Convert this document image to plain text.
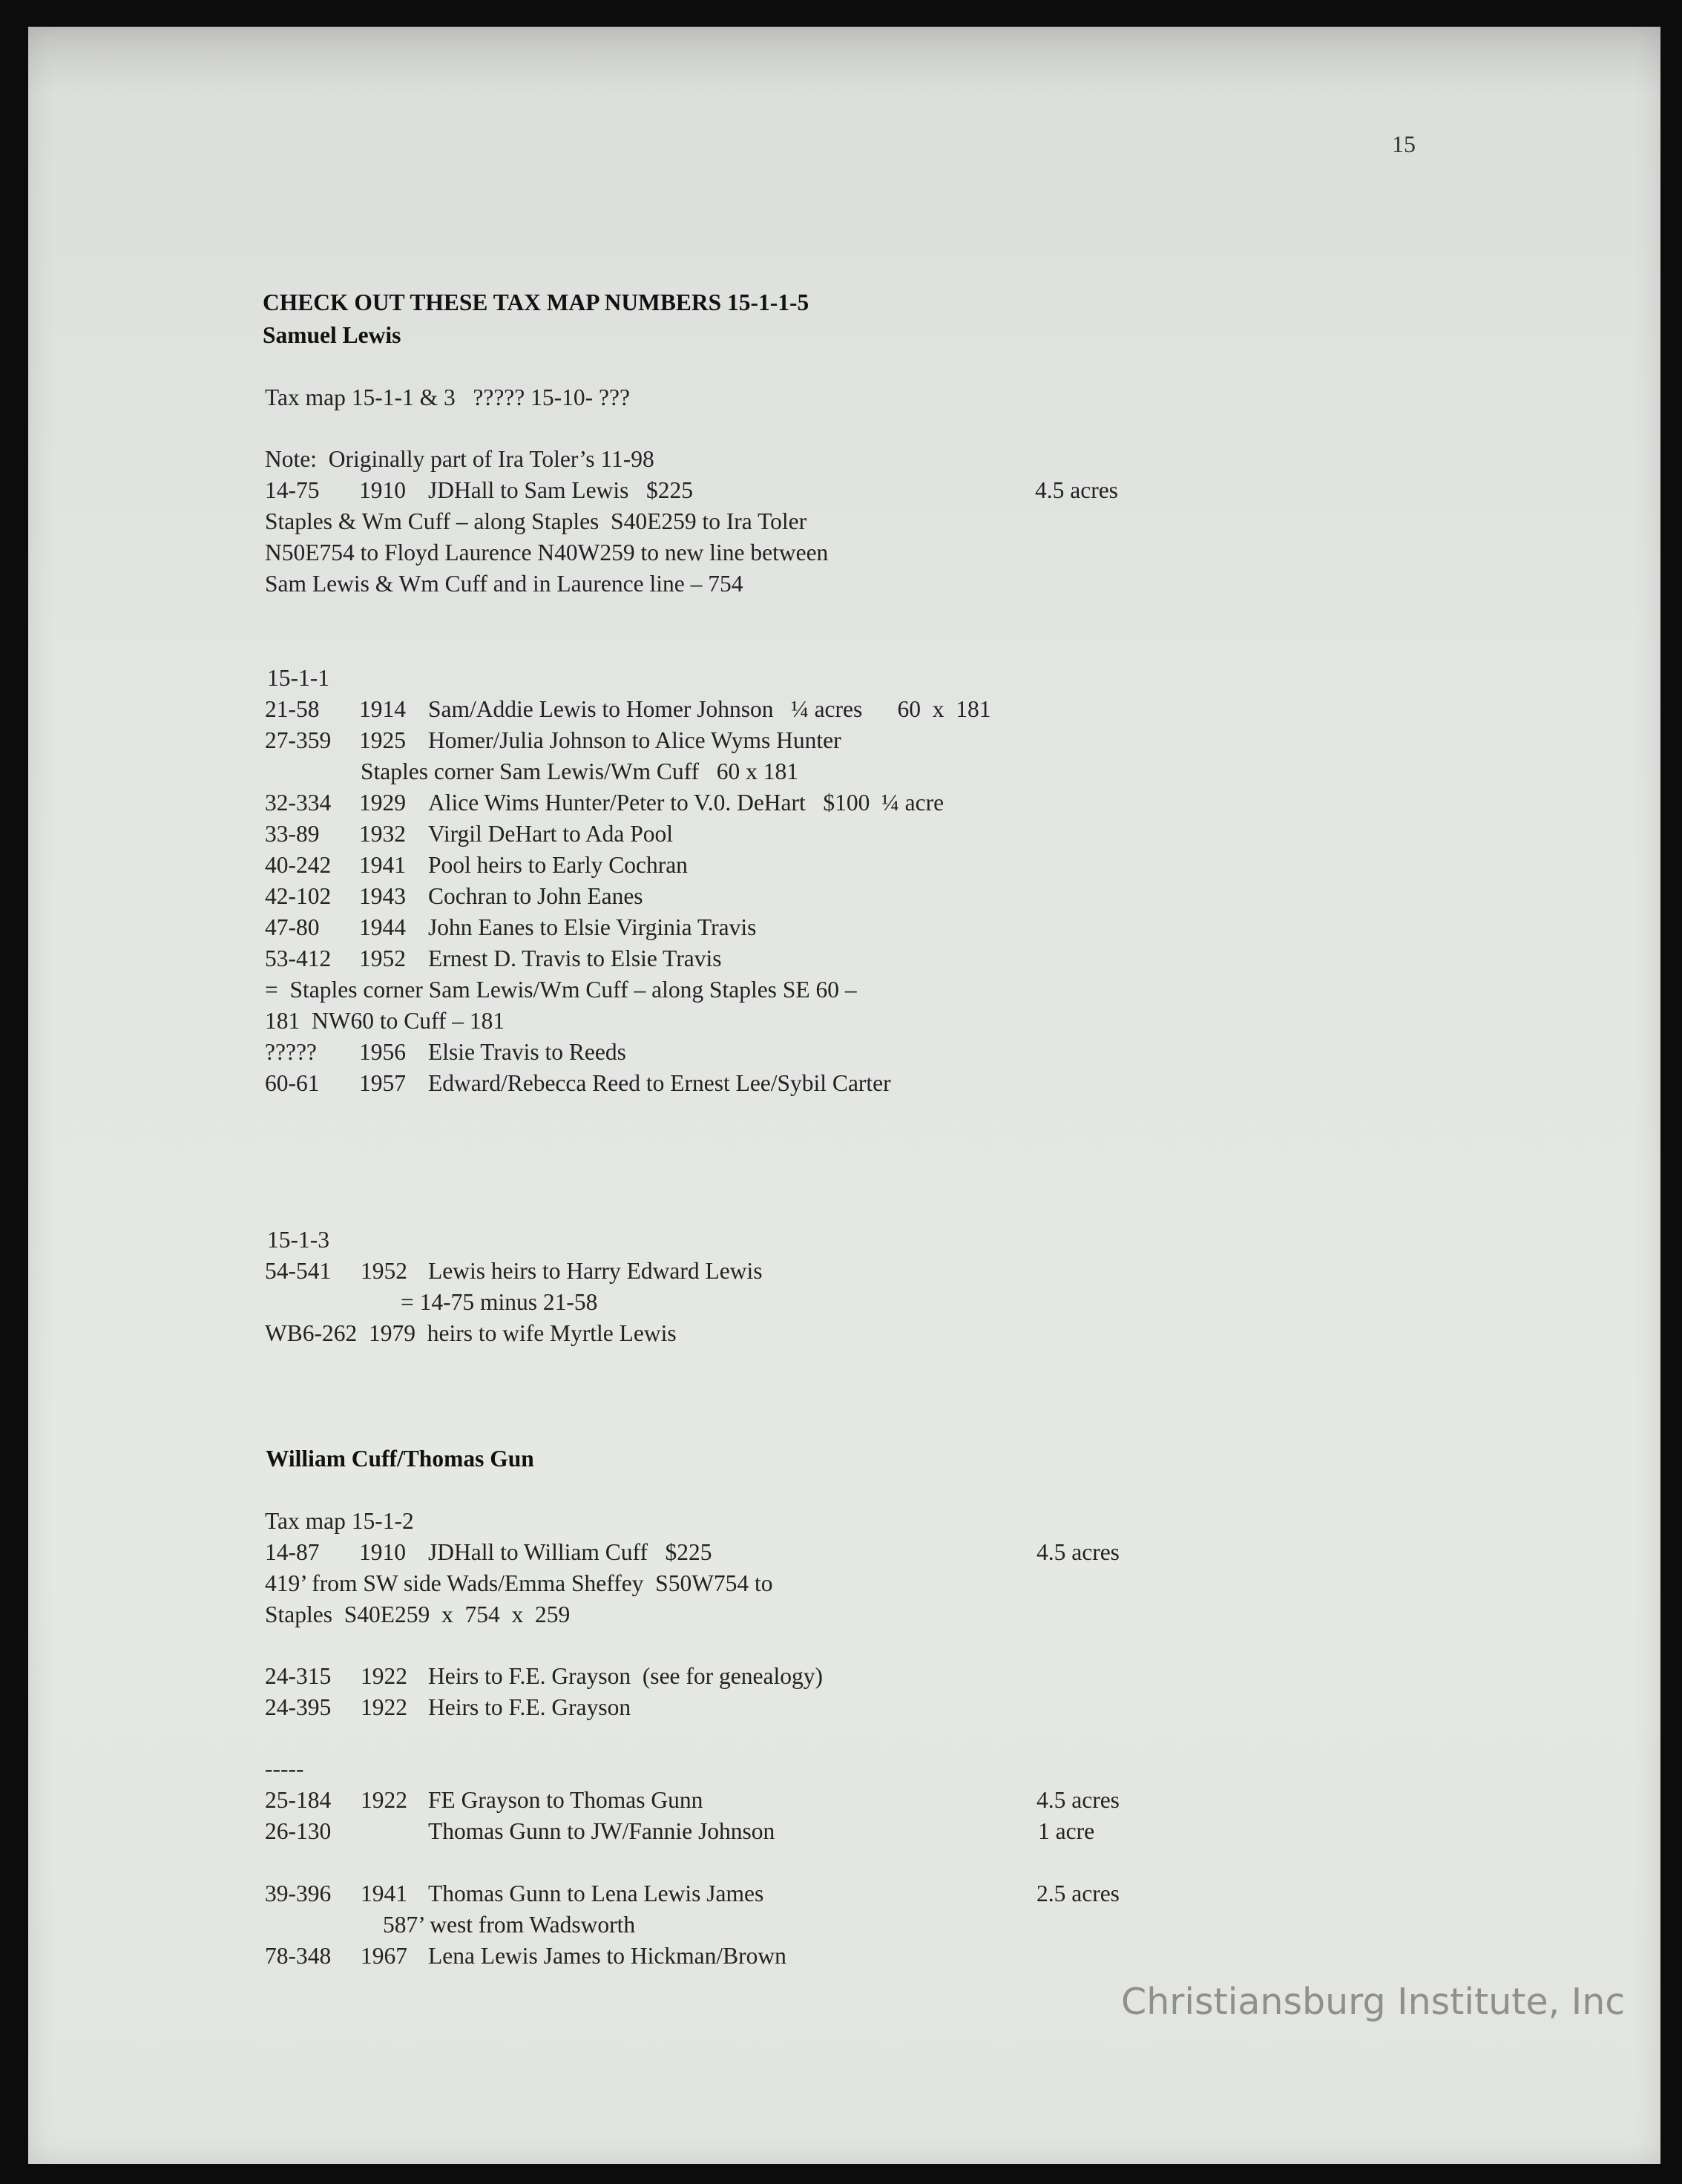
15
CHECK OUT THESE TAX MAP NUMBERS 15-1-1-5
Samuel Lewis
Tax map 15-1-1 & 3   ????? 15-10- ???
Note:  Originally part of Ira Toler’s 11-98
14-75 1910 JDHall to Sam Lewis   $225	4.5 acres
Staples & Wm Cuff – along Staples  S40E259 to Ira Toler
N50E754 to Floyd Laurence N40W259 to new line between
Sam Lewis & Wm Cuff and in Laurence line – 754
15-1-1
21-58 1914 Sam/Addie Lewis to Homer Johnson   ¼ acres      60  x  181
27-359 1925 Homer/Julia Johnson to Alice Wyms Hunter
Staples corner Sam Lewis/Wm Cuff   60 x 181
32-334 1929 Alice Wims Hunter/Peter to V.0. DeHart   $100  ¼ acre
33-89 1932 Virgil DeHart to Ada Pool
40-242 1941 Pool heirs to Early Cochran
42-102 1943 Cochran to John Eanes
47-80 1944 John Eanes to Elsie Virginia Travis
53-412 1952 Ernest D. Travis to Elsie Travis
=  Staples corner Sam Lewis/Wm Cuff – along Staples SE 60 –
181  NW60 to Cuff – 181
????? 1956 Elsie Travis to Reeds
60-61 1957 Edward/Rebecca Reed to Ernest Lee/Sybil Carter
15-1-3
54-541 1952 Lewis heirs to Harry Edward Lewis
= 14-75 minus 21-58
WB6-262  1979  heirs to wife Myrtle Lewis
William Cuff/Thomas Gun
Tax map 15-1-2
14-87 1910 JDHall to William Cuff   $225	4.5 acres
419’ from SW side Wads/Emma Sheffey  S50W754 to
Staples  S40E259  x  754  x  259
24-315 1922 Heirs to F.E. Grayson  (see for genealogy)
24-395 1922 Heirs to F.E. Grayson
-----
25-184 1922 FE Grayson to Thomas Gunn	4.5 acres
26-130	Thomas Gunn to JW/Fannie Johnson	1 acre
39-396 1941 Thomas Gunn to Lena Lewis James	2.5 acres
587’ west from Wadsworth
78-348 1967 Lena Lewis James to Hickman/Brown
Christiansburg Institute, Inc
